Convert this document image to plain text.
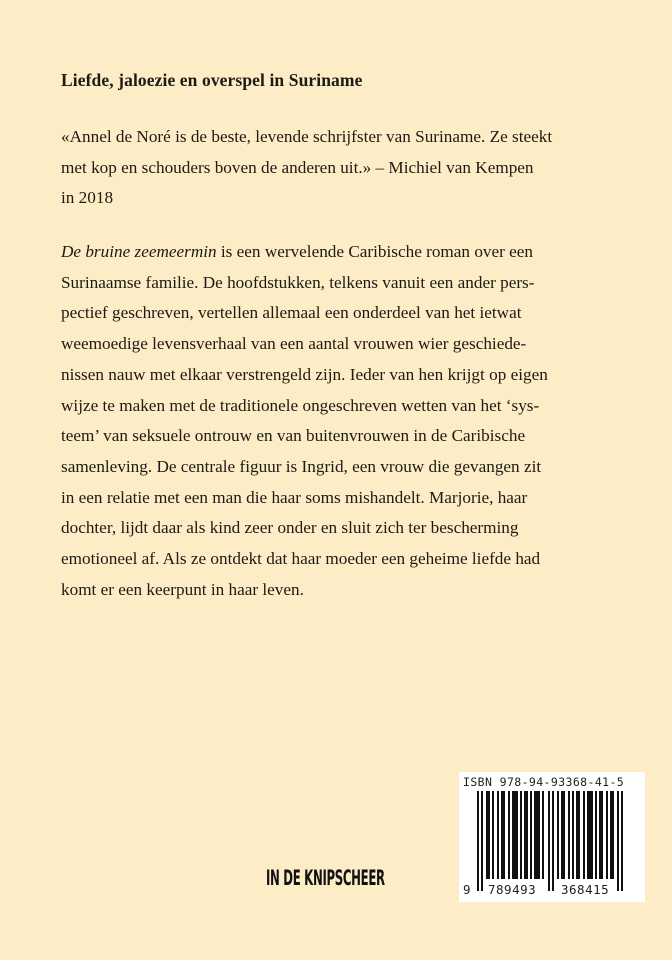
Liefde, jaloezie en overspel in Suriname
«Annel de Noré is de beste, levende schrijfster van Suriname. Ze steekt
met kop en schouders boven de anderen uit.» – Michiel van Kempen
in 2018
De bruine zeemeermin is een wervelende Caribische roman over een
Surinaamse familie. De hoofdstukken, telkens vanuit een ander pers-
pectief geschreven, vertellen allemaal een onderdeel van het ietwat
weemoedige levensverhaal van een aantal vrouwen wier geschiede-
nissen nauw met elkaar verstrengeld zijn. Ieder van hen krijgt op eigen
wijze te maken met de traditionele ongeschreven wetten van het ‘sys-
teem’ van seksuele ontrouw en van buitenvrouwen in de Caribische
samenleving. De centrale figuur is Ingrid, een vrouw die gevangen zit
in een relatie met een man die haar soms mishandelt. Marjorie, haar
dochter, lijdt daar als kind zeer onder en sluit zich ter bescherming
emotioneel af. Als ze ontdekt dat haar moeder een geheime liefde had
komt er een keerpunt in haar leven.
IN DE KNIPSCHEER
ISBN 978-94-93368-41-5
9 789493 368415
